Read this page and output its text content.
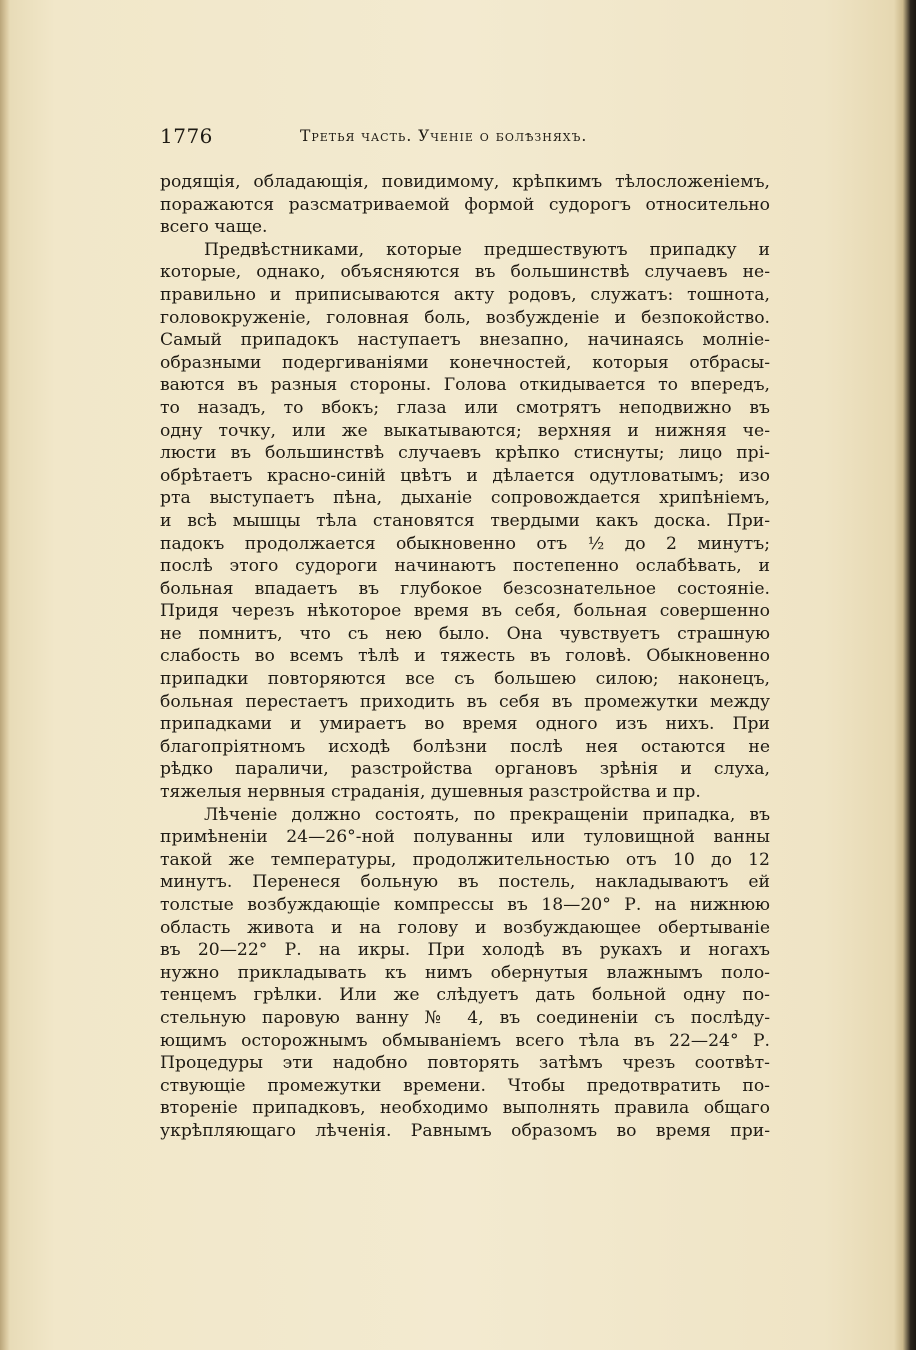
1776	Третья часть. Ученіе о болѣзняхъ.
родящія, обладающія, повидимому, крѣпкимъ тѣлосложеніемъ,
поражаются разсматриваемой формой судорогъ относительно
всего чаще.
Предвѣстниками, которые предшествуютъ припадку и
которые, однако, объясняются въ большинствѣ случаевъ не-
правильно и приписываются акту родовъ, служатъ: тошнота,
головокруженіе, головная боль, возбужденіе и безпокойство.
Самый припадокъ наступаетъ внезапно, начинаясь молніе-
образными подергиваніями конечностей, которыя отбрасы-
ваются въ разныя стороны. Голова откидывается то впередъ,
то назадъ, то вбокъ; глаза или смотрятъ неподвижно въ
одну точку, или же выкатываются; верхняя и нижняя че-
люсти въ большинствѣ случаевъ крѣпко стиснуты; лицо прі-
обрѣтаетъ красно-синій цвѣтъ и дѣлается одутловатымъ; изо
рта выступаетъ пѣна, дыханіе сопровождается хрипѣніемъ,
и всѣ мышцы тѣла становятся твердыми какъ доска. При-
падокъ продолжается обыкновенно отъ ½ до 2 минутъ;
послѣ этого судороги начинаютъ постепенно ослабѣвать, и
больная впадаетъ въ глубокое безсознательное состояніе.
Придя черезъ нѣкоторое время въ себя, больная совершенно
не помнитъ, что съ нею было. Она чувствуетъ страшную
слабость во всемъ тѣлѣ и тяжесть въ головѣ. Обыкновенно
припадки повторяются все съ большею силою; наконецъ,
больная перестаетъ приходить въ себя въ промежутки между
припадками и умираетъ во время одного изъ нихъ. При
благопріятномъ исходѣ болѣзни послѣ нея остаются не
рѣдко параличи, разстройства органовъ зрѣнія и слуха,
тяжелыя нервныя страданія, душевныя разстройства и пр.
Лѣченіе должно состоять, по прекращеніи припадка, въ
примѣненіи 24—26°-ной полуванны или туловищной ванны
такой же температуры, продолжительностью отъ 10 до 12
минутъ. Перенеся больную въ постель, накладываютъ ей
толстые возбуждающіе компрессы въ 18—20° Р. на нижнюю
область живота и на голову и возбуждающее обертываніе
въ 20—22° Р. на икры. При холодѣ въ рукахъ и ногахъ
нужно прикладывать къ нимъ обернутыя влажнымъ поло-
тенцемъ грѣлки. Или же слѣдуетъ дать больной одну по-
стельную паровую ванну № 4, въ соединеніи съ послѣду-
ющимъ осторожнымъ обмываніемъ всего тѣла въ 22—24° Р.
Процедуры эти надобно повторять затѣмъ чрезъ соотвѣт-
ствующіе промежутки времени. Чтобы предотвратить по-
втореніе припадковъ, необходимо выполнять правила общаго
укрѣпляющаго лѣченія. Равнымъ образомъ во время при-
